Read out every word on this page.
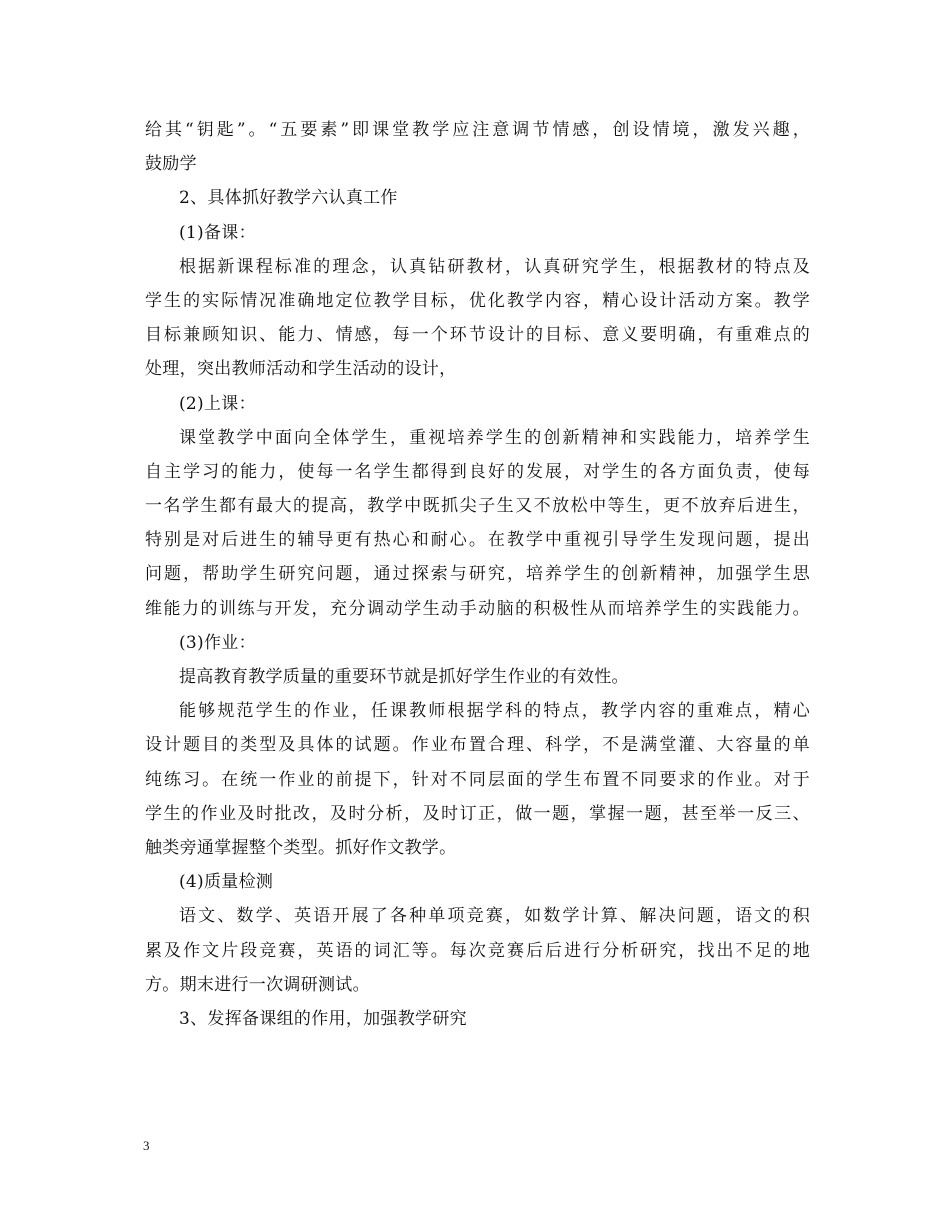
给其“钥匙”。“五要素”即课堂教学应注意调节情感，创设情境，激发兴趣，
鼓励学
2、具体抓好教学六认真工作
(1)备课：
根据新课程标准的理念，认真钻研教材，认真研究学生，根据教材的特点及
学生的实际情况准确地定位教学目标，优化教学内容，精心设计活动方案。教学
目标兼顾知识、能力、情感，每一个环节设计的目标、意义要明确，有重难点的
处理，突出教师活动和学生活动的设计，
(2)上课：
课堂教学中面向全体学生，重视培养学生的创新精神和实践能力，培养学生
自主学习的能力，使每一名学生都得到良好的发展，对学生的各方面负责，使每
一名学生都有最大的提高，教学中既抓尖子生又不放松中等生，更不放弃后进生，
特别是对后进生的辅导更有热心和耐心。在教学中重视引导学生发现问题，提出
问题，帮助学生研究问题，通过探索与研究，培养学生的创新精神，加强学生思
维能力的训练与开发，充分调动学生动手动脑的积极性从而培养学生的实践能力。
(3)作业：
提高教育教学质量的重要环节就是抓好学生作业的有效性。
能够规范学生的作业，任课教师根据学科的特点，教学内容的重难点，精心
设计题目的类型及具体的试题。作业布置合理、科学，不是满堂灌、大容量的单
纯练习。在统一作业的前提下，针对不同层面的学生布置不同要求的作业。对于
学生的作业及时批改，及时分析，及时订正，做一题，掌握一题，甚至举一反三、
触类旁通掌握整个类型。抓好作文教学。
(4)质量检测
语文、数学、英语开展了各种单项竞赛，如数学计算、解决问题，语文的积
累及作文片段竞赛，英语的词汇等。每次竞赛后后进行分析研究，找出不足的地
方。期末进行一次调研测试。
3、发挥备课组的作用，加强教学研究
3
